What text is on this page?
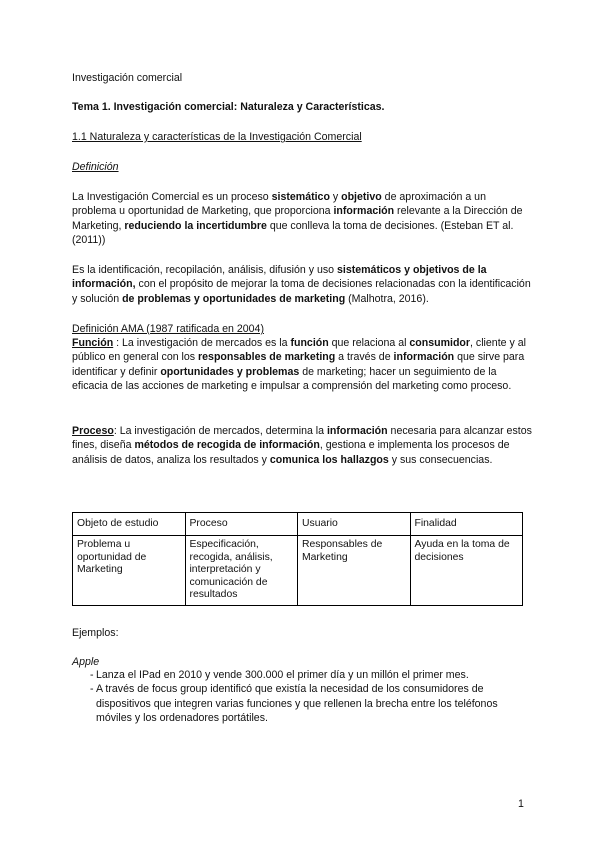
Investigación comercial
Tema 1. Investigación comercial: Naturaleza y Características.
1.1 Naturaleza y características de la Investigación Comercial
Definición
La Investigación Comercial es un proceso sistemático y objetivo de aproximación a un problema u oportunidad de Marketing, que proporciona información relevante a la Dirección de Marketing, reduciendo la incertidumbre que conlleva la toma de decisiones. (Esteban ET al. (2011))
Es la identificación, recopilación, análisis, difusión y uso sistemáticos y objetivos de la información, con el propósito de mejorar la toma de decisiones relacionadas con la identificación y solución de problemas y oportunidades de marketing (Malhotra, 2016).
Definición AMA (1987 ratificada en 2004)
Función : La investigación de mercados es la función que relaciona al consumidor, cliente y al público en general con los responsables de marketing a través de información que sirve para identificar y definir oportunidades y problemas de marketing; hacer un seguimiento de la eficacia de las acciones de marketing e impulsar a comprensión del marketing como proceso.
Proceso: La investigación de mercados, determina la información necesaria para alcanzar estos fines, diseña métodos de recogida de información, gestiona e implementa los procesos de análisis de datos, analiza los resultados y comunica los hallazgos y sus consecuencias.
Objeto de estudio	Proceso	Usuario	Finalidad
Problema u oportunidad de Marketing	Especificación, recogida, análisis, interpretación y comunicación de resultados	Responsables de Marketing	Ayuda en la toma de decisiones
Ejemplos:
Apple
- Lanza el IPad en 2010 y vende 300.000 el primer día y un millón el primer mes.
- A través de focus group identificó que existía la necesidad de los consumidores de dispositivos que integren varias funciones y que rellenen la brecha entre los teléfonos móviles y los ordenadores portátiles.
1
